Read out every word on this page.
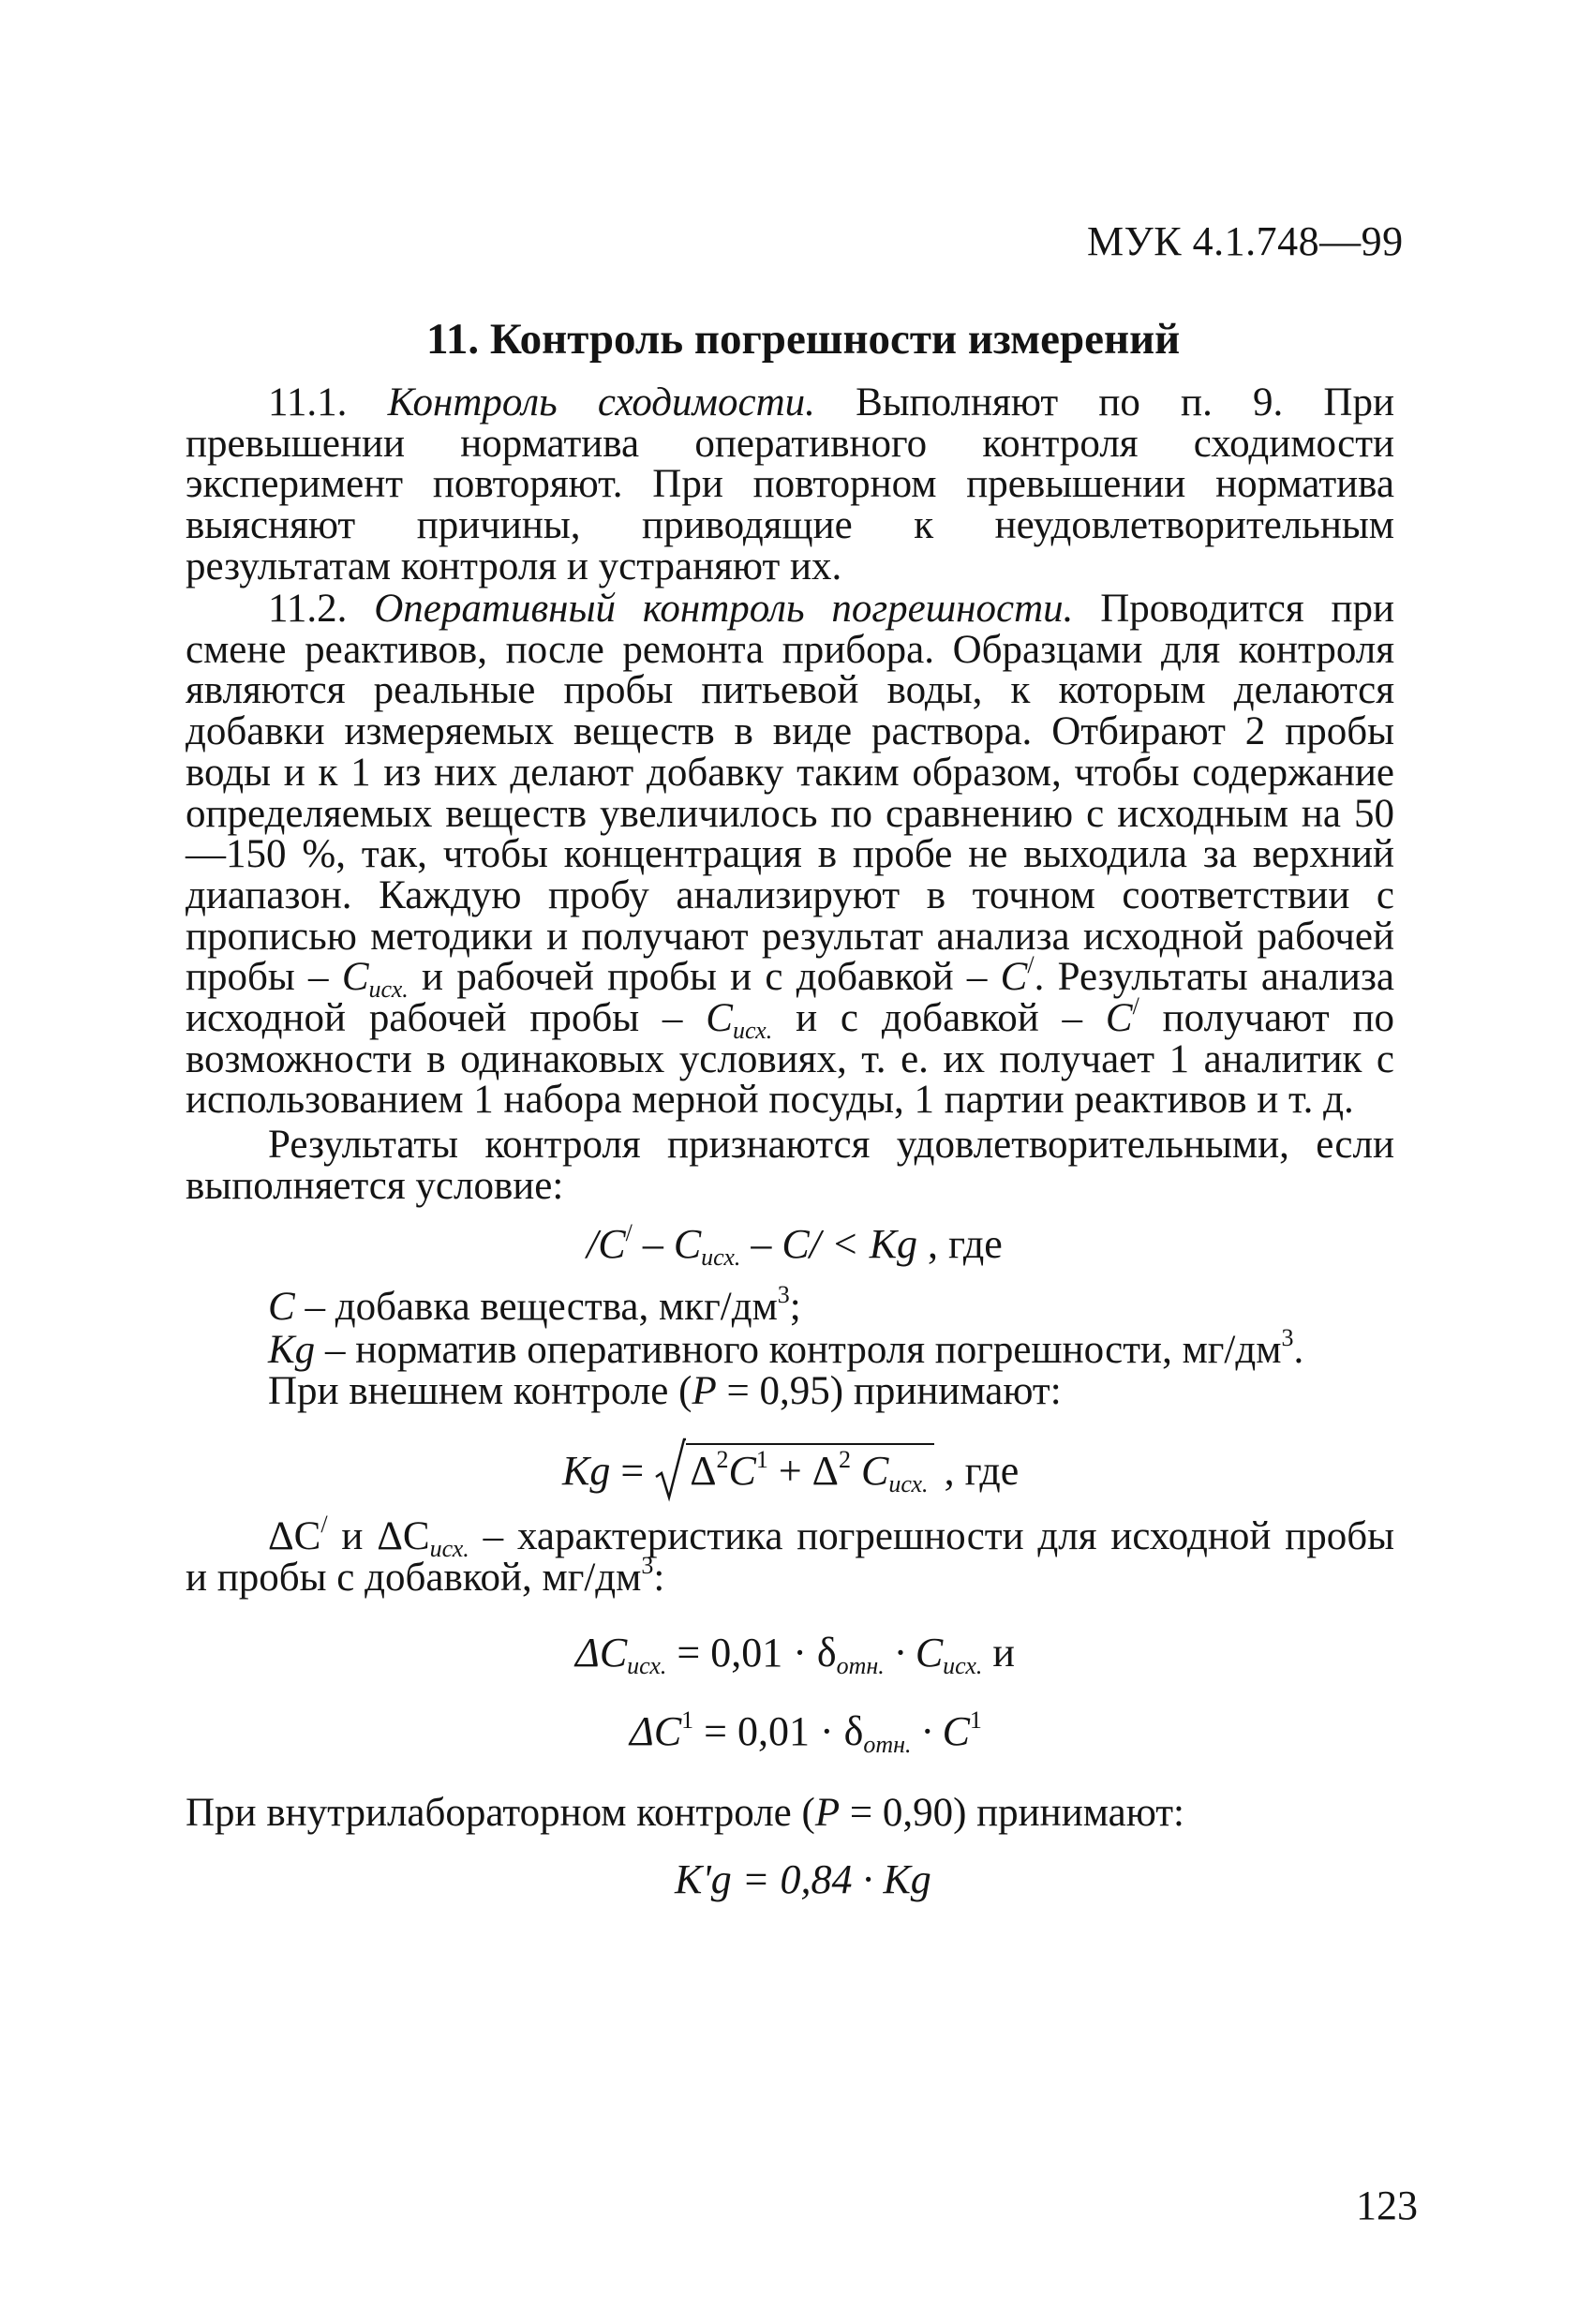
МУК 4.1.748—99
11. Контроль погрешности измерений

11.1. Контроль сходимости. Выполняют по п. 9. При превышении норматива оперативного контроля сходимости эксперимент повторяют. При повторном превышении норматива выясняют причины, приводящие к неудовлетворительным результатам контроля и устраняют их.

11.2. Оперативный контроль погрешности. Проводится при смене реактивов, после ремонта прибора. Образцами для контроля являются реальные пробы питьевой воды, к которым делаются добавки измеряемых веществ в виде раствора. Отбирают 2 пробы воды и к 1 из них делают добавку таким образом, чтобы содержание определяемых веществ увеличилось по сравнению с исходным на 50—150 %, так, чтобы концентрация в пробе не выходила за верхний диапазон. Каждую пробу анализируют в точном соответствии с прописью методики и получают результат анализа исходной рабочей пробы – $C_{исх.}$ и рабочей пробы и с добавкой – C/. Результаты анализа исходной рабочей пробы – $C_{исх.}$ и с добавкой – C/ получают по возможности в одинаковых условиях, т. е. их получает 1 аналитик с использованием 1 набора мерной посуды, 1 партии реактивов и т. д.

Результаты контроля признаются удовлетворительными, если выполняется условие:

$/C^/ - C_{исх.} - C/ < Kg$ , где
C – добавка вещества, мкг/$дм^3$;
Kg – норматив оперативного контроля погрешности, $мг/дм^3$.
При внешнем контроле (P = 0,95) принимают:
Kg =
$\Delta^2C^1 + \Delta^2$ $C_{исх.}$ , где

ΔC/ и $\Delta C_{исх.}$ – характеристика погрешности для исходной пробы и пробы с добавкой, $мг/дм^3$:

$\Delta C_{исх.} = 0,01 \cdot \delta_{отн.} \cdot C_{исх.}$ и
$\Delta C^1 = 0,01 \cdot \delta_{отн.} \cdot C^1$
При внутрилабораторном контроле (P = 0,90) принимают:
K'g = 0,84 · Kg
123
